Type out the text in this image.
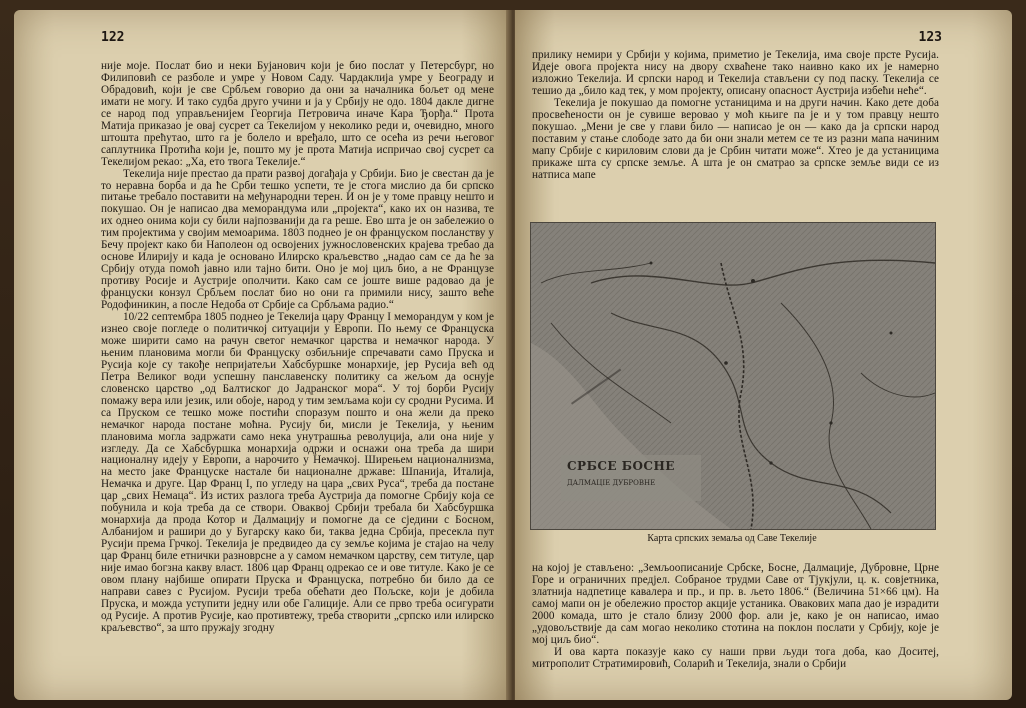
122

није моје. Послат био и неки Бујанович који је био послат у Петерсбург, но Филиповић се разболе и умре у Новом Саду. Чардаклија умре у Београду и Обрадовић, који је свe Србљем говорио да они за началника бољет од мене имати не могу. И тако судба друго учини и ја у Србију не одо. 1804 дакле дигне се народ под управљенијем Георгија Петровича иначе Кара Ђорђа.“ Прота Матија приказао је овај сусрет са Текелијом у неколико реди и, очевидно, много штошта прећутао, што га је болело и вређало, што се осећа из речи његовог саплутника Протића који је, пошто му је прота Матија испричао свој сусрет са Текелијом рекао: „Ха, ето твога Текелије.“

Текелија није престао да прати развој догађаја у Србији. Био је свестан да је то неравна борба и да ће Срби тешко успети, те је стога мислио да би српско питање требало поставити на међународни терен. И он је у томе правцу нешто и покушао. Он је написао два меморандума или „пројекта“, како их он назива, те их однео онима који су били најпозванији да га реше. Ево шта је он забележио о тим пројектима у својим мемоарима. 1803 поднео је он француском посланству у Бечу пројект како би Наполеон од освојених јужнословенских крајева требао да основе Илирију и када је основано Илирско краљевство „надао сам се да ће за Србију отуда помоћ јавно или тајно бити. Оно је мој циљ био, а не Французе противу Росије и Аустрије ополчити. Како сам се јоште више радовао да је француски конзул Србљем послат био но они га примили нису, зашто веће Родофиникин, а после Недоба от Србије са Србљама радио.“

10/22 септембра 1805 поднео је Текелија цару Францу I меморандум у ком је изнео своје погледе о политичкој ситуацији у Европи. По њему се Француска може ширити само на рачун светог немачког царства и немачког народа. У њеним плановима могли би Француску озбиљније спречавати само Пруска и Русија које су такође непријатељи Хабсбуршке монархије, јер Русија већ од Петра Великог води успешну панславенску политику са жељом да оснује словенско царство „од Балтиског до Јадранског мора“. У тој борби Русију помажу вера или језик, или обоје, народ у тим земљама који су сродни Русима. И са Пруском се тешко може постићи споразум пошто и она жели да преко немачког народа постане моћна. Русију би, мисли је Текелија, у њеним плановима могла задржати само нека унутрашња револуција, али она није у изгледу. Да се Хабсбуршка монархија одржи и оснажи она треба да шири националну идеју у Европи, а нарочито у Немачкој. Ширењем националнизма, на место јаке Француске настале би националне државе: Шпанија, Италија, Немачка и друге. Цар Франц I, по угледу на цара „свих Руса“, треба да постане цар „свих Немаца“. Из истих разлога треба Аустрија да помогне Србију која се побунила и која треба да се створи. Оваквој Србији требала би Хабсбуршка монархија да прода Котор и Далмацију и помогне да се сједини с Босном, Албанијом и рашири до у Бугарску како би, таква једна Србија, пресекла пут Русији према Грчкој. Текелија је предвидео да су земље којима је стајао на челу цар Франц биле етнички разноврсне а у самом немачком царству, сем титуле, цар није имао богзна какву власт. 1806 цар Франц одрекао се и ове титуле. Како је се овом плану најбише опирати Пруска и Француска, потребно би било да се направи савез с Русијом. Русији треба обећати део Пољске, који је добила Пруска, и можда уступити једну или обе Галиције. Али се прво треба осигурати од Русије. А против Русије, као противтежу, треба створити „српско или илирско краљевство“, за што пружају згодну

123

прилику немири у Србији у којима, приметио је Текелија, има своје прсте Русија. Идеје овога пројекта нису на двору схваћене тако наивно како их је намерно изложио Текелија. И српски народ и Текелија стављени су под паску. Текелија се тешио да „било кад тек, у мом пројекту, описану опасност Аустрија избећи неће“.

Текелија је покушао да помогне устаницима и на други начин. Како дете доба просвећености он је сувише веровао у моћ књиге па је и у том правцу нешто покушао. „Мени је све у глави било — написао је он — како да ја српски народ поставим у стање слободе зато да би они знали метем се те из разни мапа начиним мапу Србије с кириловим слови да је Србин читати може“. Хтео је да устаницима прикаже шта су српске земље. А шта је он сматрао за српске земље види се из натписа мапе

СРБСЕ БОСНЕ
ДАЛМАЦІЕ ДУБРОВНЕ
Карта српских земаља од Саве Текелије

на којој је стављено: „Земљоописаније Србске, Босне, Далмације, Дубровне, Црне Горе и ограничних предјел. Собраное трудми Саве от Тјукјули, ц. к. совјетника, златнија надпетице кавалера и пр., и пр. в. љето 1806.“ (Величина 51×66 цм). На самој мапи он је обележио простор акције устаника. Овакових мапа дао је израдити 2000 комада, што је стало близу 2000 фор. али је, како је он написао, имао „удовољствије да сам могао неколико стотина на поклон послати у Србију, које је мој циљ био“.

И ова карта показује како су наши први људи тога доба, као Доситеј, митрополит Стратимировић, Соларић и Текелија, знали о Србији
